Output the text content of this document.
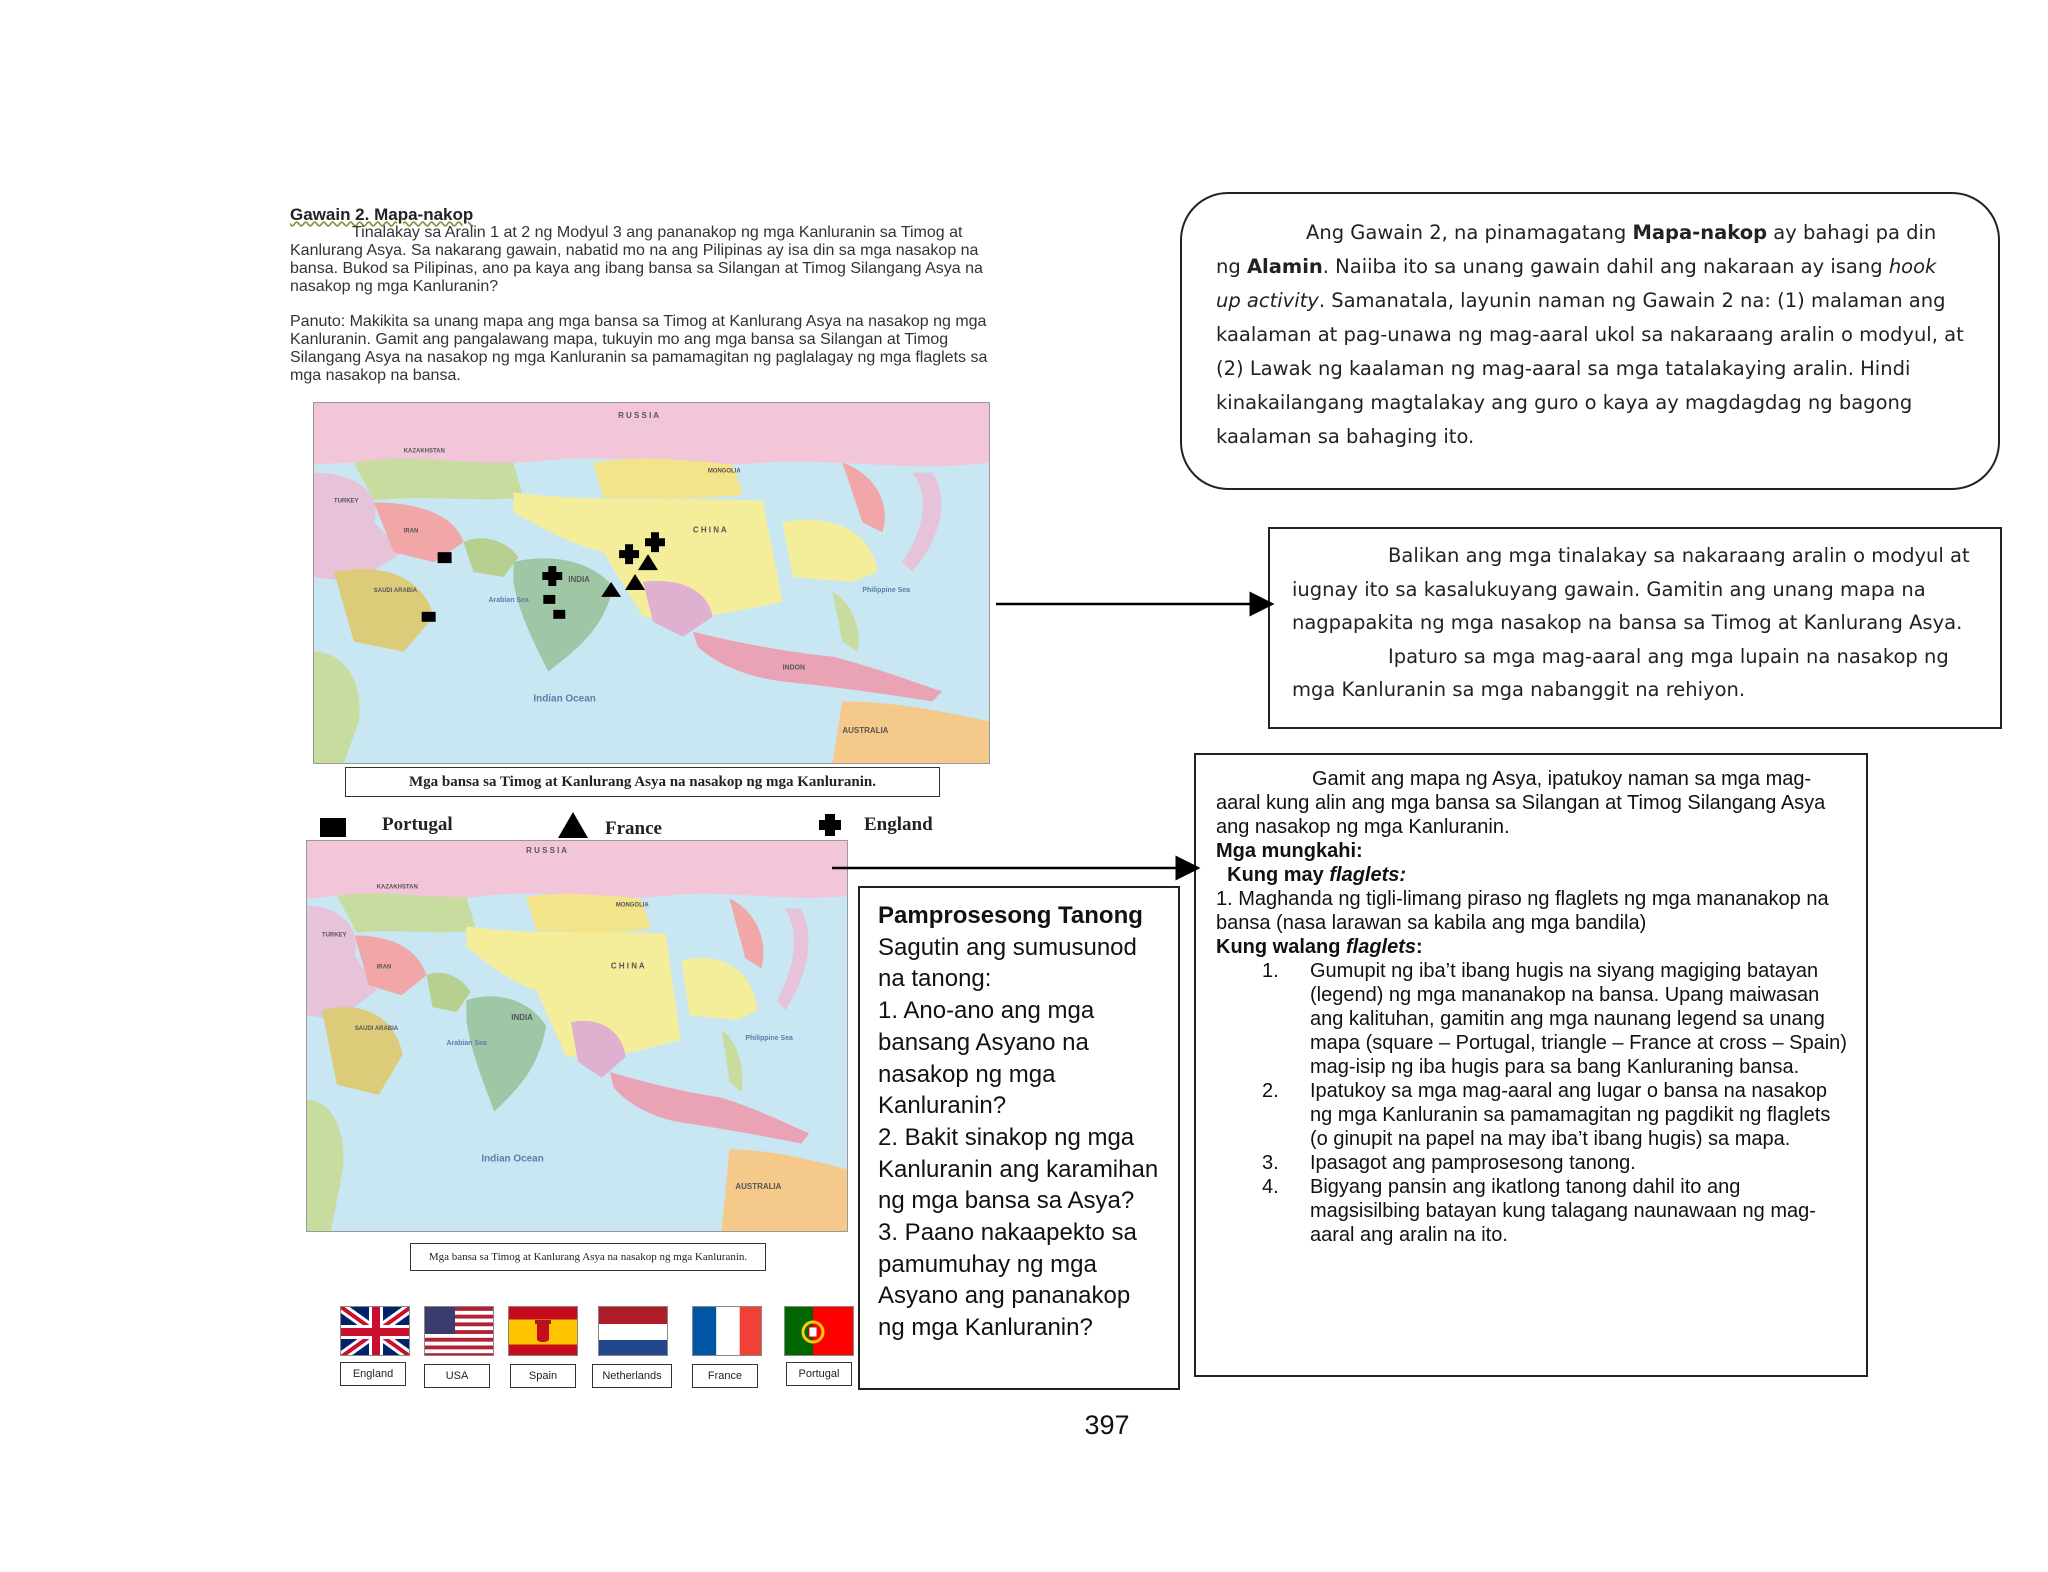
Gawain 2. Mapa-nakop
Tinalakay sa Aralin 1 at 2 ng Modyul 3 ang pananakop ng mga Kanluranin sa Timog at Kanlurang Asya. Sa nakarang gawain, nabatid mo na ang Pilipinas ay isa din sa mga nasakop na bansa. Bukod sa Pilipinas, ano pa kaya ang ibang bansa sa Silangan at Timog Silangang Asya na nasakop ng mga Kanluranin?
Panuto: Makikita sa unang mapa ang mga bansa sa Timog at Kanlurang Asya na nasakop ng mga Kanluranin. Gamit ang pangalawang mapa, tukuyin mo ang mga bansa sa Silangan at Timog Silangang Asya na nasakop ng mga Kanluranin sa pamamagitan ng paglalagay ng mga flaglets sa mga nasakop na bansa.
R U S S I A
KAZAKHSTAN
MONGOLIA
C H I N A
INDIA
IRAN
TURKEY
SAUDI ARABIA
Arabian Sea
Indian Ocean
AUSTRALIA
Philippine Sea
INDON
Mga bansa sa Timog at Kanlurang Asya na nasakop ng mga Kanluranin.
Portugal	France	England
R U S S I A
KAZAKHSTAN
MONGOLIA
C H I N A
INDIA
IRAN
TURKEY
SAUDI ARABIA
Arabian Sea
Indian Ocean
AUSTRALIA
Philippine Sea
Mga bansa sa Timog at Kanlurang Asya na nasakop ng mga Kanluranin.
England	USA	Spain	Netherlands	France	Portugal
Ang Gawain 2, na pinamagatang Mapa-nakop ay bahagi pa din ng Alamin. Naiiba ito sa unang gawain dahil ang nakaraan ay isang hook up activity. Samanatala, layunin naman ng Gawain 2 na: (1) malaman ang kaalaman at pag-unawa ng mag-aaral ukol sa nakaraang aralin o modyul, at (2) Lawak ng kaalaman ng mag-aaral sa mga tatalakaying aralin. Hindi kinakailangang magtalakay ang guro o kaya ay magdagdag ng bagong kaalaman sa bahaging ito.
Balikan ang mga tinalakay sa nakaraang aralin o modyul at iugnay ito sa kasalukuyang gawain. Gamitin ang unang mapa na nagpapakita ng mga nasakop na bansa sa Timog at Kanlurang Asya.
Ipaturo sa mga mag-aaral ang mga lupain na nasakop ng mga Kanluranin sa mga nabanggit na rehiyon.
Gamit ang mapa ng Asya, ipatukoy naman sa mga mag-aaral kung alin ang mga bansa sa Silangan at Timog Silangang Asya ang nasakop ng mga Kanluranin.
Mga mungkahi:
Kung may flaglets:
1. Maghanda ng tigli-limang piraso ng flaglets ng mga mananakop na bansa (nasa larawan sa kabila ang mga bandila)
Kung walang flaglets:
1.	Gumupit ng iba’t ibang hugis na siyang magiging batayan (legend) ng mga mananakop na bansa. Upang maiwasan ang kalituhan, gamitin ang mga naunang legend sa unang mapa (square – Portugal, triangle – France at cross – Spain) mag-isip ng iba hugis para sa bang Kanluraning bansa.
2.	Ipatukoy sa mga mag-aaral ang lugar o bansa na nasakop ng mga Kanluranin sa pamamagitan ng pagdikit ng flaglets (o ginupit na papel na may iba’t ibang hugis) sa mapa.
3.	Ipasagot ang pamprosesong tanong.
4.	Bigyang pansin ang ikatlong tanong dahil ito ang magsisilbing batayan kung talagang naunawaan ng mag-aaral ang aralin na ito.
Pamprosesong Tanong
Sagutin ang sumusunod na tanong:
1. Ano-ano ang mga bansang Asyano na nasakop ng mga Kanluranin?
2. Bakit sinakop ng mga Kanluranin ang karamihan ng mga bansa sa Asya?
3. Paano nakaapekto sa pamumuhay ng mga Asyano ang pananakop ng mga Kanluranin?
397
